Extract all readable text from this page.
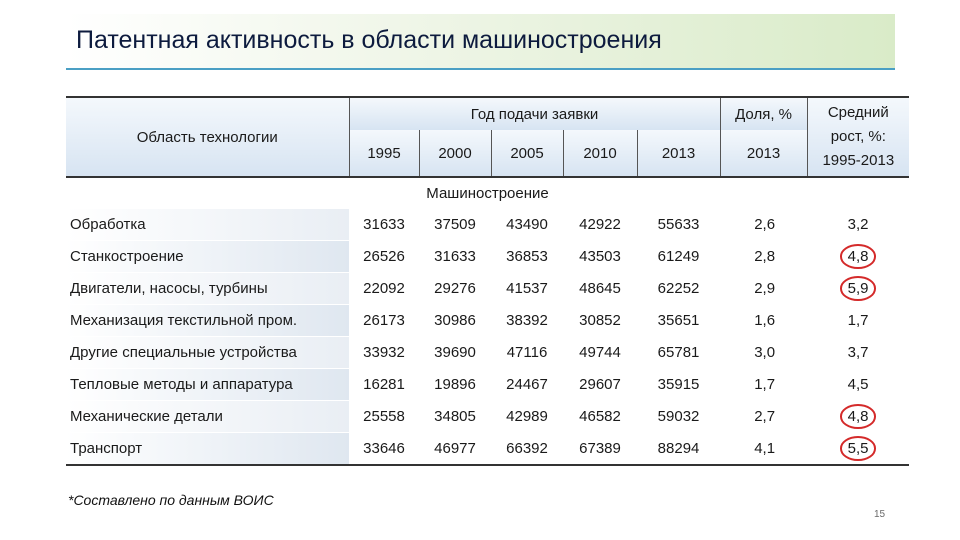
Патентная активность в области машиностроения
Область технологии	Год подачи заявки					Доля, %	Средний
рост, %:
1995-2013
	1995	2000	2005	2010	2013	2013	
Машиностроение							
Обработка	31633	37509	43490	42922	55633	2,6	3,2
Станкостроение	26526	31633	36853	43503	61249	2,8	4,8
Двигатели, насосы, турбины	22092	29276	41537	48645	62252	2,9	5,9
Механизация текстильной пром.	26173	30986	38392	30852	35651	1,6	1,7
Другие специальные устройства	33932	39690	47116	49744	65781	3,0	3,7
Тепловые методы и аппаратура	16281	19896	24467	29607	35915	1,7	4,5
Механические детали	25558	34805	42989	46582	59032	2,7	4,8
Транспорт	33646	46977	66392	67389	88294	4,1	5,5
*Составлено по данным ВОИС
15
